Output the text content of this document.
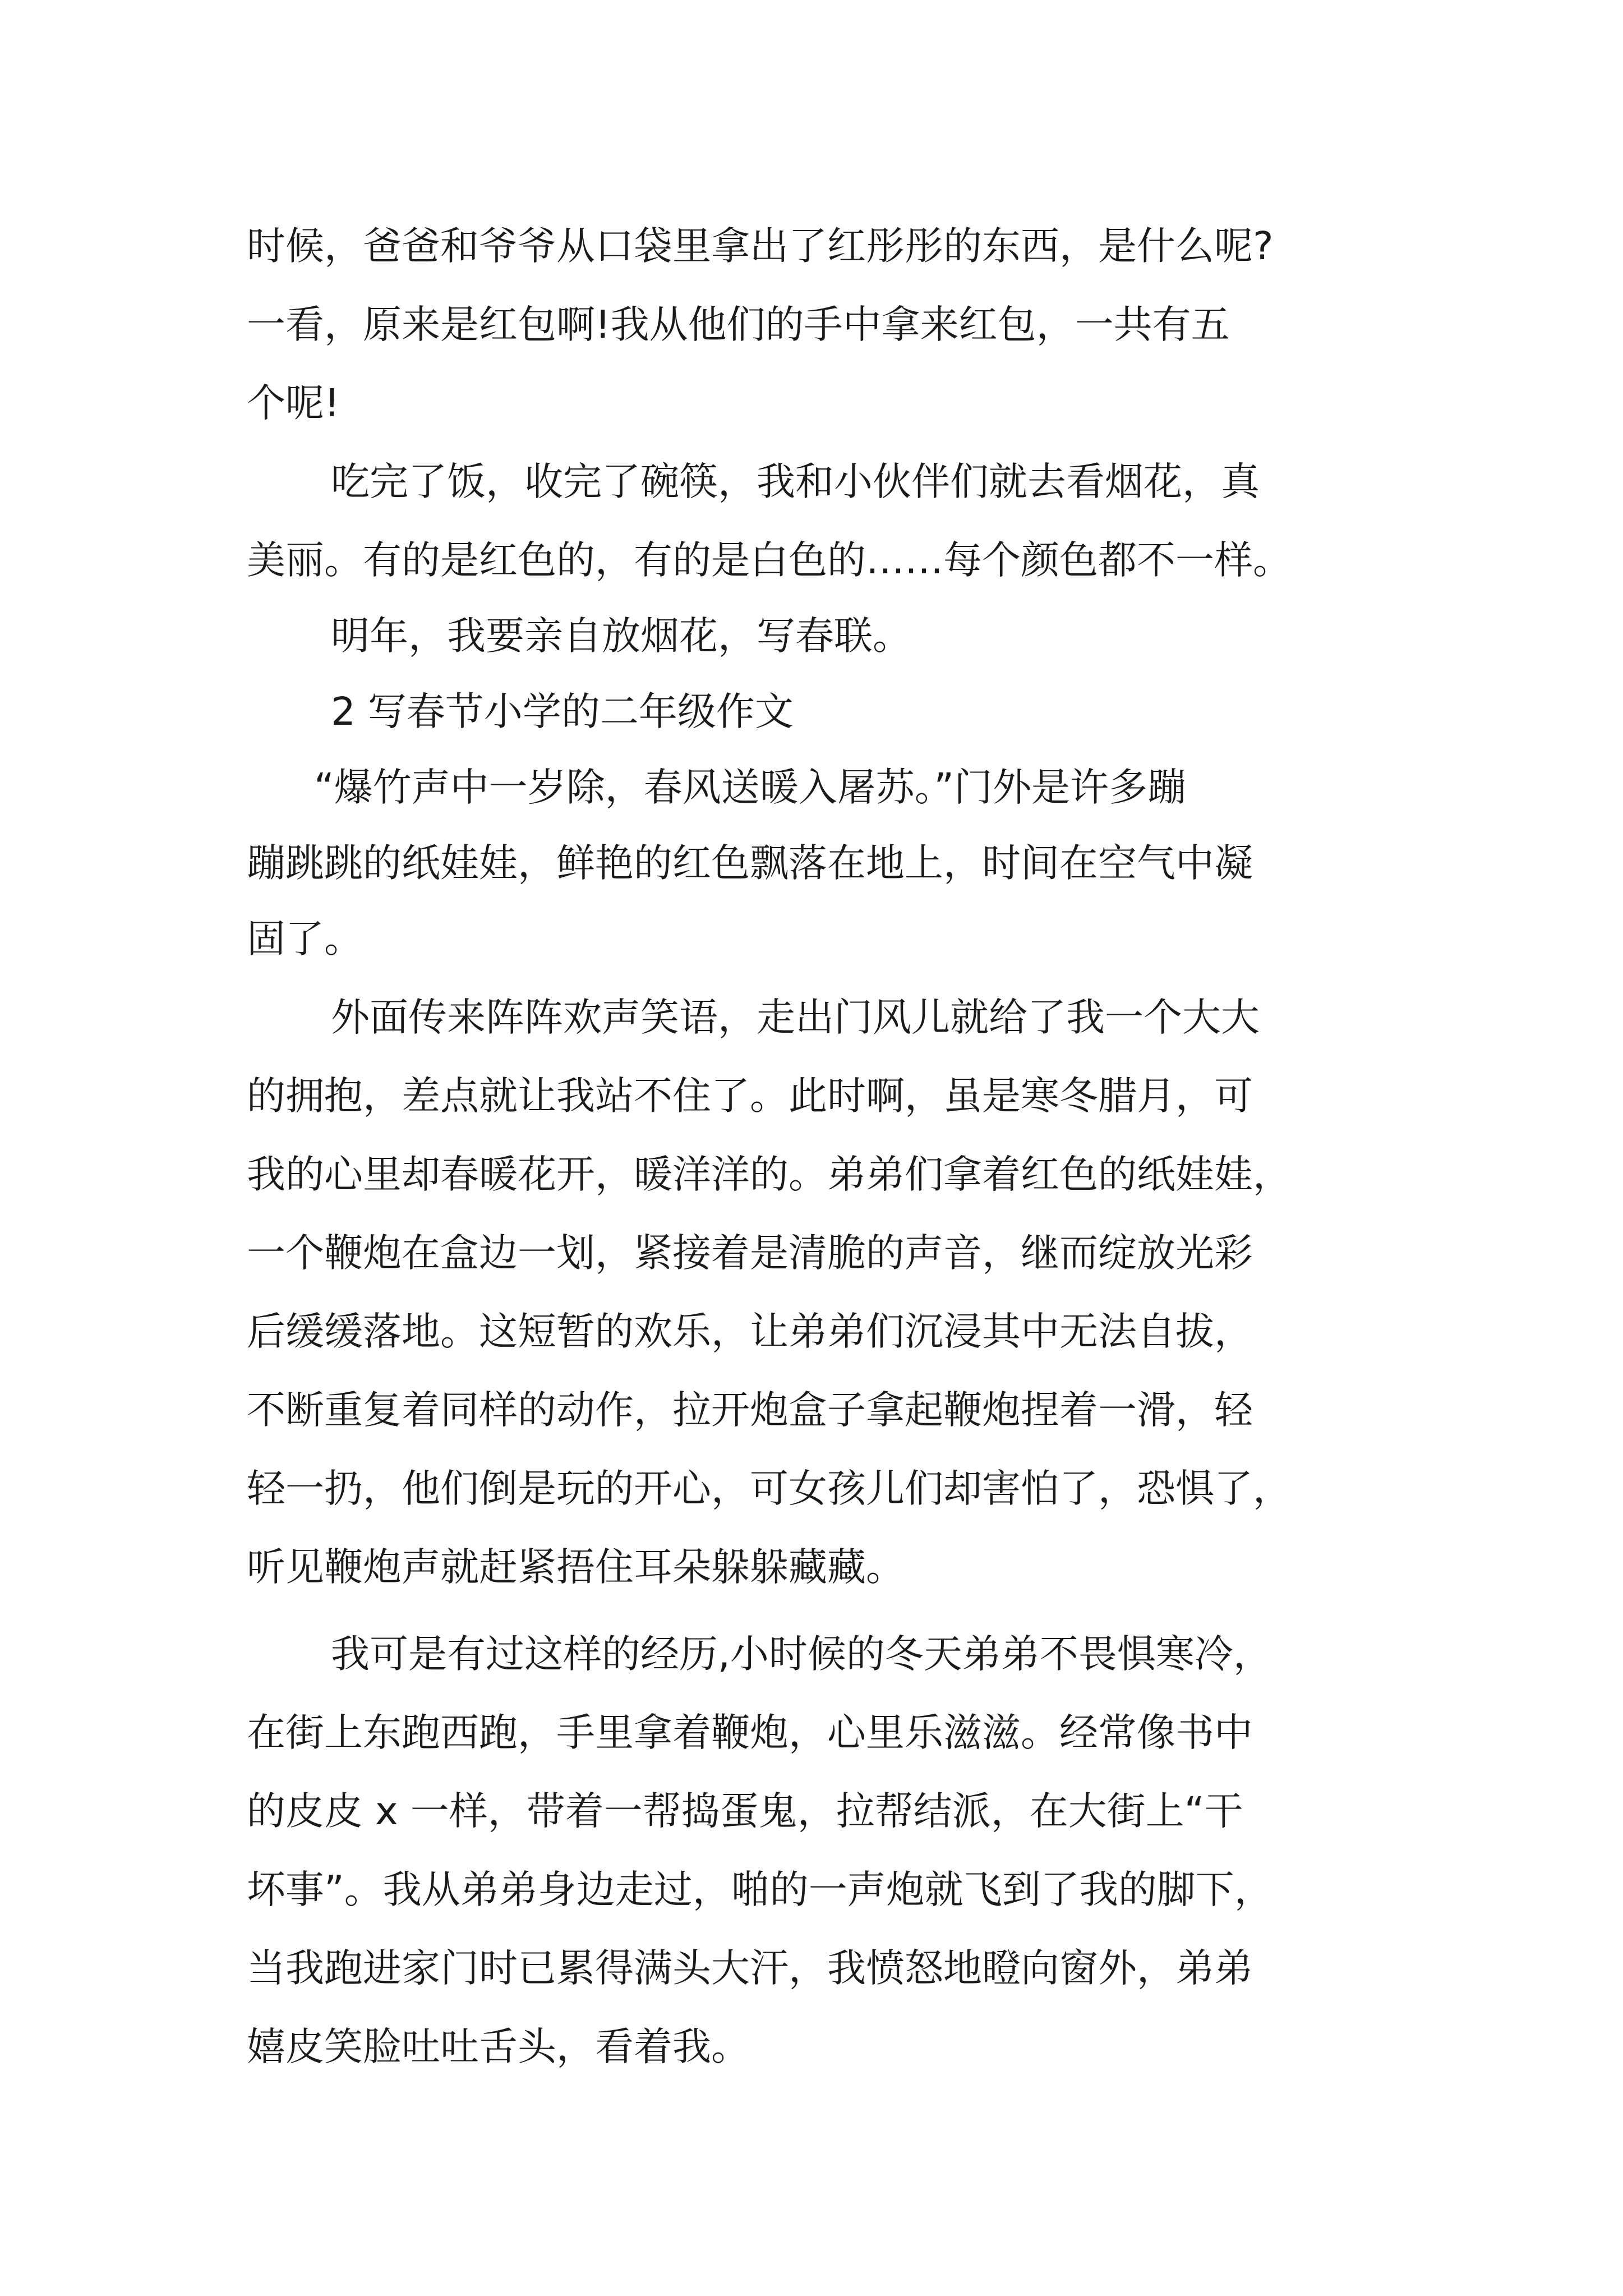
时候，爸爸和爷爷从口袋里拿出了红彤彤的东西，是什么呢?
一看，原来是红包啊!我从他们的手中拿来红包，一共有五
个呢!
吃完了饭，收完了碗筷，我和小伙伴们就去看烟花，真
美丽。有的是红色的，有的是白色的……每个颜色都不一样。
明年，我要亲自放烟花，写春联。
2 写春节小学的二年级作文
“爆竹声中一岁除，春风送暖入屠苏。”门外是许多蹦
蹦跳跳的纸娃娃，鲜艳的红色飘落在地上，时间在空气中凝
固了。
外面传来阵阵欢声笑语，走出门风儿就给了我一个大大
的拥抱，差点就让我站不住了。此时啊，虽是寒冬腊月，可
我的心里却春暖花开，暖洋洋的。弟弟们拿着红色的纸娃娃，
一个鞭炮在盒边一划，紧接着是清脆的声音，继而绽放光彩
后缓缓落地。这短暂的欢乐，让弟弟们沉浸其中无法自拔，
不断重复着同样的动作，拉开炮盒子拿起鞭炮捏着一滑，轻
轻一扔，他们倒是玩的开心，可女孩儿们却害怕了，恐惧了，
听见鞭炮声就赶紧捂住耳朵躲躲藏藏。
我可是有过这样的经历,小时候的冬天弟弟不畏惧寒冷，
在街上东跑西跑，手里拿着鞭炮，心里乐滋滋。经常像书中
的皮皮 x 一样，带着一帮捣蛋鬼，拉帮结派，在大街上“干
坏事”。我从弟弟身边走过，啪的一声炮就飞到了我的脚下，
当我跑进家门时已累得满头大汗，我愤怒地瞪向窗外，弟弟
嬉皮笑脸吐吐舌头，看着我。
